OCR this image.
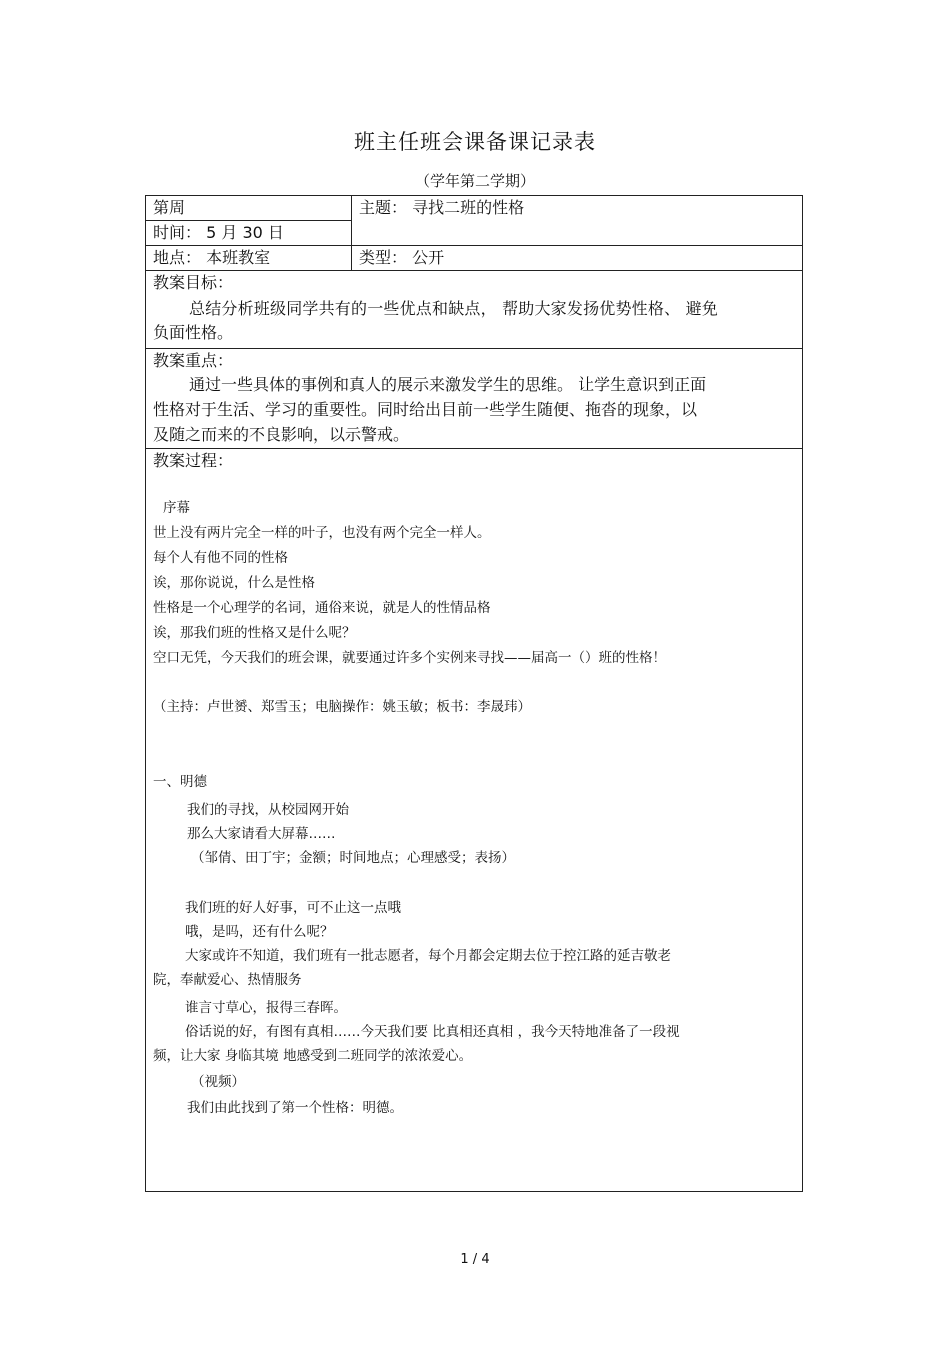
班主任班会课备课记录表
（学年第二学期）
第周	主题： 寻找二班的性格
时间： 5 月 30 日
地点： 本班教室	类型： 公开
教案目标：
总结分析班级同学共有的一些优点和缺点， 帮助大家发扬优势性格、 避免
负面性格。
教案重点：
通过一些具体的事例和真人的展示来激发学生的思维。 让学生意识到正面
性格对于生活、学习的重要性。同时给出目前一些学生随便、拖沓的现象，以
及随之而来的不良影响，以示警戒。
教案过程：
序幕
世上没有两片完全一样的叶子，也没有两个完全一样人。
每个人有他不同的性格
诶，那你说说，什么是性格
性格是一个心理学的名词，通俗来说，就是人的性情品格
诶，那我们班的性格又是什么呢？
空口无凭，今天我们的班会课，就要通过许多个实例来寻找——届高一（）班的性格！
（主持：卢世赟、郑雪玉；电脑操作：姚玉敏；板书：李晟玮）
一、明德
我们的寻找，从校园网开始
那么大家请看大屏幕……
（邹倩、田丁宇；金额；时间地点；心理感受；表扬）
我们班的好人好事，可不止这一点哦
哦，是吗，还有什么呢？
大家或许不知道，我们班有一批志愿者，每个月都会定期去位于控江路的延吉敬老
院，奉献爱心、热情服务
谁言寸草心，报得三春晖。
俗话说的好，有图有真相……今天我们要 比真相还真相 ，我今天特地准备了一段视
频，让大家 身临其境 地感受到二班同学的浓浓爱心。
（视频）
我们由此找到了第一个性格：明德。
1 / 4
